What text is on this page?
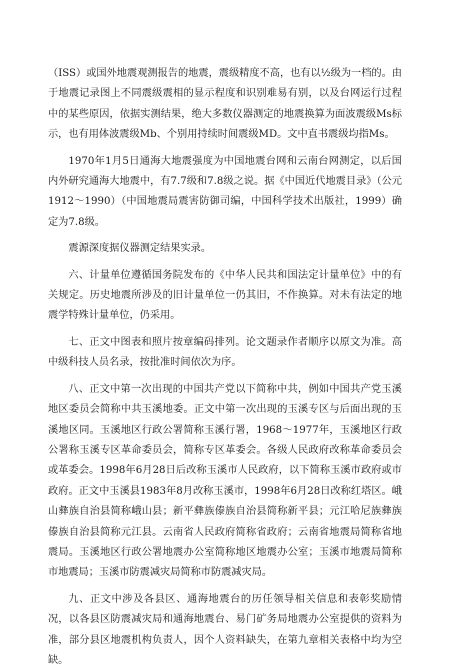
（ISS）或国外地震观测报告的地震，震级精度不高，也有以½级为一档的。由于地震记录图上不同震级震相的显示程度和识别难易有别，以及台网运行过程中的某些原因，依据实测结果，绝大多数仪器测定的地震换算为面波震级Ms标示，也有用体波震级Mb、个别用持续时间震级MD。文中直书震级均指Ms。

1970年1月5日通海大地震强度为中国地震台网和云南台网测定，以后国内外研究通海大地震中，有7.7级和7.8级之说。据《中国近代地震目录》（公元1912～1990）（中国地震局震害防御司编，中国科学技术出版社，1999）确定为7.8级。

震源深度据仪器测定结果实录。

六、计量单位遵循国务院发布的《中华人民共和国法定计量单位》中的有关规定。历史地震所涉及的旧计量单位一仍其旧，不作换算。对未有法定的地震学特殊计量单位，仍采用。

七、正文中图表和照片按章编码排列。论文题录作者顺序以原文为准。高中级科技人员名录，按批准时间依次为序。

八、正文中第一次出现的中国共产党以下简称中共，例如中国共产党玉溪地区委员会简称中共玉溪地委。正文中第一次出现的玉溪专区与后面出现的玉溪地区同。玉溪地区行政公署简称玉溪行署，1968～1977年，玉溪地区行政公署称玉溪专区革命委员会，简称专区革委会。各级人民政府改称革命委员会或革委会。1998年6月28日后改称玉溪市人民政府，以下简称玉溪市政府或市政府。正文中玉溪县1983年8月改称玉溪市，1998年6月28日改称红塔区。峨山彝族自治县简称峨山县；新平彝族傣族自治县简称新平县；元江哈尼族彝族傣族自治县简称元江县。云南省人民政府简称省政府；云南省地震局简称省地震局。玉溪地区行政公署地震办公室简称地区地震办公室；玉溪市地震局简称市地震局；玉溪市防震减灾局简称市防震减灾局。

九、正文中涉及各县区、通海地震台的历任领导相关信息和表彰奖励情况，以各县区防震减灾局和通海地震台、易门矿务局地震办公室提供的资料为准，部分县区地震机构负责人，因个人资料缺失，在第九章相关表格中均为空缺。
